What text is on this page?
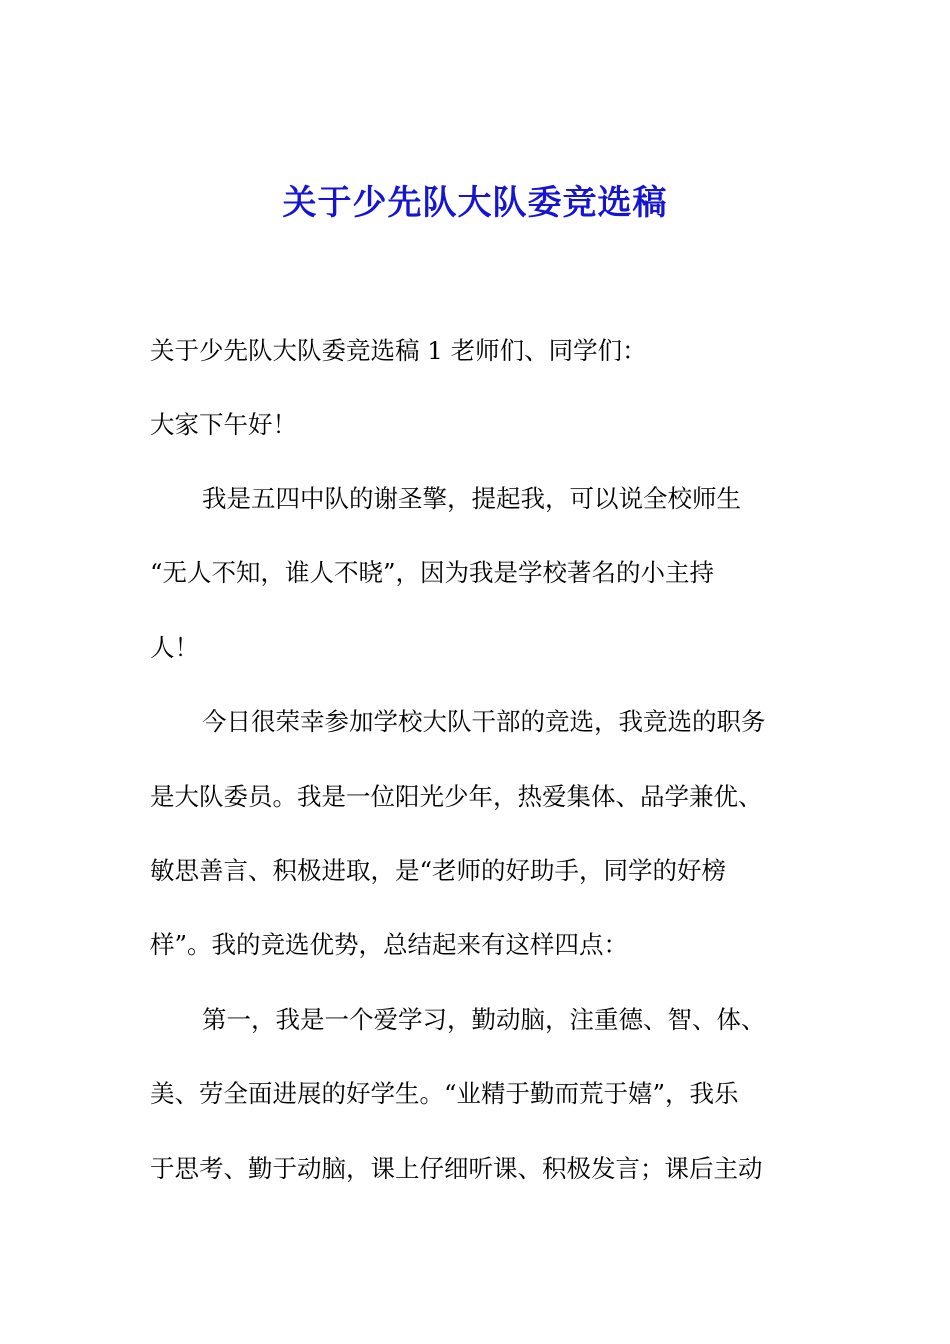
关于少先队大队委竞选稿
关于少先队大队委竞选稿 1 老师们、同学们：
大家下午好！
我是五四中队的谢圣擎，提起我，可以说全校师生
“无人不知，谁人不晓”，因为我是学校著名的小主持
人！
今日很荣幸参加学校大队干部的竞选，我竞选的职务
是大队委员。我是一位阳光少年，热爱集体、品学兼优、
敏思善言、积极进取，是“老师的好助手，同学的好榜
样”。我的竞选优势，总结起来有这样四点：
第一，我是一个爱学习，勤动脑，注重德、智、体、
美、劳全面进展的好学生。“业精于勤而荒于嬉”，我乐
于思考、勤于动脑，课上仔细听课、积极发言；课后主动
